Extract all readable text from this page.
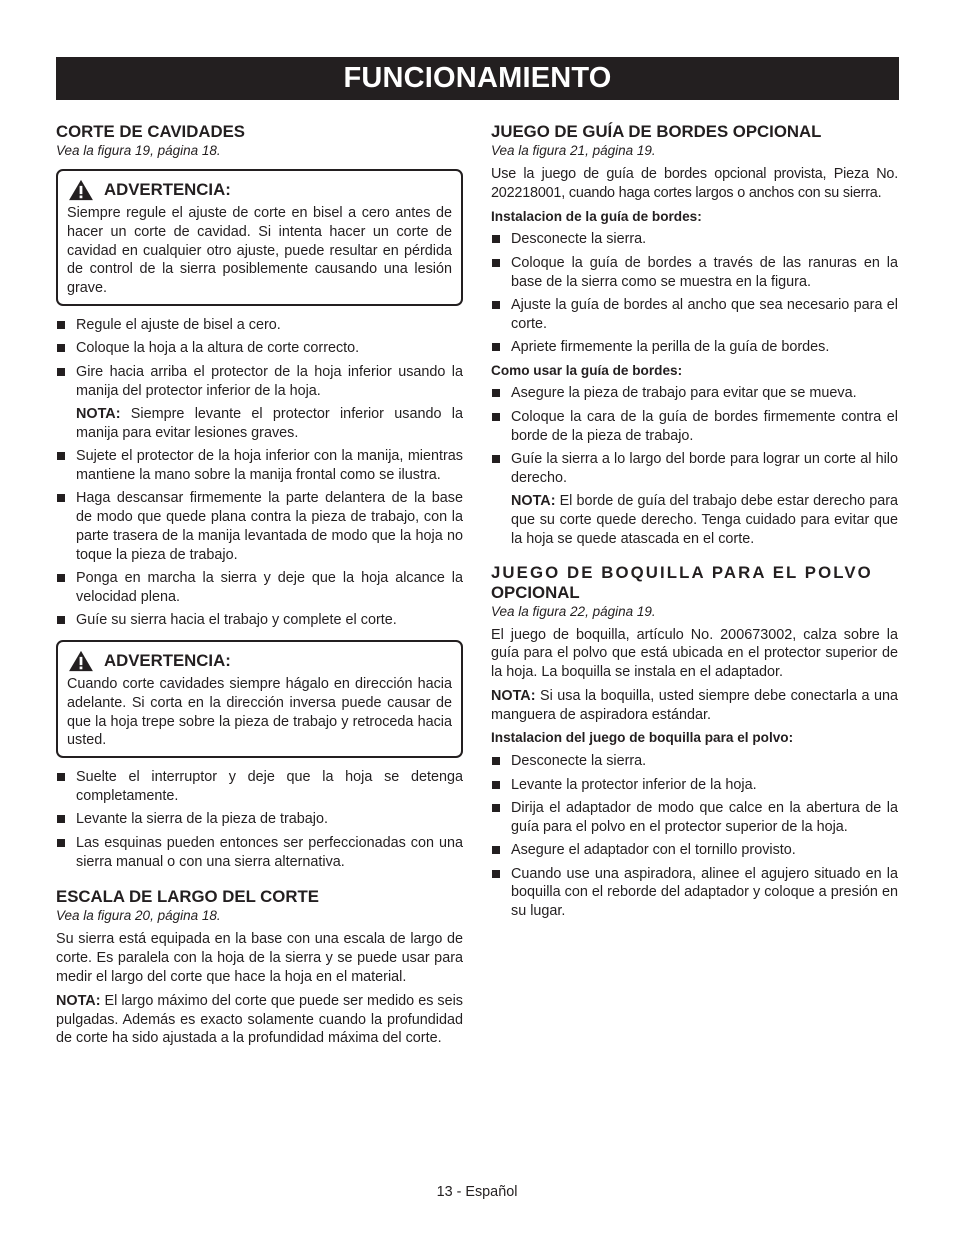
FUNCIONAMIENTO
CORTE DE CAVIDADES
Vea la figura 19, página 18.
ADVERTENCIA:

Siempre regule el ajuste de corte en bisel a cero antes de hacer un corte de cavidad. Si intenta hacer un corte de cavidad en cualquier otro ajuste, puede resultar en pérdida de control de la sierra posiblemente causando una lesión grave.

Regule el ajuste de bisel a cero.
Coloque la hoja a la altura de corte correcto.
Gire hacia arriba el protector de la hoja inferior usando la manija del protector inferior de la hoja.
NOTA: Siempre levante el protector inferior usando la manija para evitar lesiones graves.
Sujete el protector de la hoja inferior con la manija, mientras mantiene la mano sobre la manija frontal como se ilustra.
Haga descansar firmemente la parte delantera de la base de modo que quede plana contra la pieza de trabajo, con la parte trasera de la manija levantada de modo que la hoja no toque la pieza de trabajo.
Ponga en marcha la sierra y deje que la hoja alcance la velocidad plena.
Guíe su sierra hacia el trabajo y complete el corte.
ADVERTENCIA:

Cuando corte cavidades siempre hágalo en dirección hacia adelante. Si corta en la dirección inversa puede causar de que la hoja trepe sobre la pieza de trabajo y retroceda hacia usted.

Suelte el interruptor y deje que la hoja se detenga completamente.
Levante la sierra de la pieza de trabajo.
Las esquinas pueden entonces ser perfeccionadas con una sierra manual o con una sierra alternativa.
ESCALA DE LARGO DEL CORTE
Vea la figura 20, página 18.

Su sierra está equipada en la base con una escala de largo de corte. Es paralela con la hoja de la sierra y se puede usar para medir el largo del corte que hace la hoja en el material.

NOTA: El largo máximo del corte que puede ser medido es seis pulgadas. Además es exacto solamente cuando la profundidad de corte ha sido ajustada a la profundidad máxima del corte.

JUEGO DE GUÍA DE BORDES OPCIONAL
Vea la figura 21, página 19.

Use la juego de guía de bordes opcional provista, Pieza No. 202218001, cuando haga cortes largos o anchos con su sierra.

Instalacion de la guía de bordes:
Desconecte la sierra.
Coloque la guía de bordes a través de las ranuras en la base de la sierra como se muestra en la figura.
Ajuste la guía de bordes al ancho que sea necesario para el corte.
Apriete firmemente la perilla de la guía de bordes.
Como usar la guía de bordes:
Asegure la pieza de trabajo para evitar que se mueva.
Coloque la cara de la guía de bordes firmemente contra el borde de la pieza de trabajo.
Guíe la sierra a lo largo del borde para lograr un corte al hilo derecho.
NOTA: El borde de guía del trabajo debe estar derecho para que su corte quede derecho. Tenga cuidado para evitar que la hoja se quede atascada en el corte.
JUEGO DE BOQUILLA PARA EL POLVO
OPCIONAL
Vea la figura 22, página 19.

El juego de boquilla, artículo No. 200673002, calza sobre la guía para el polvo que está ubicada en el protector superior de la hoja. La boquilla se instala en el adaptador.

NOTA: Si usa la boquilla, usted siempre debe conectarla a una manguera de aspiradora estándar.

Instalacion del juego de boquilla para el polvo:
Desconecte la sierra.
Levante la protector inferior de la hoja.
Dirija el adaptador de modo que calce en la abertura de la guía para el polvo en el protector superior de la hoja.
Asegure el adaptador con el tornillo provisto.
Cuando use una aspiradora, alinee el agujero situado en la boquilla con el reborde del adaptador y coloque a presión en su lugar.
13 - Español
